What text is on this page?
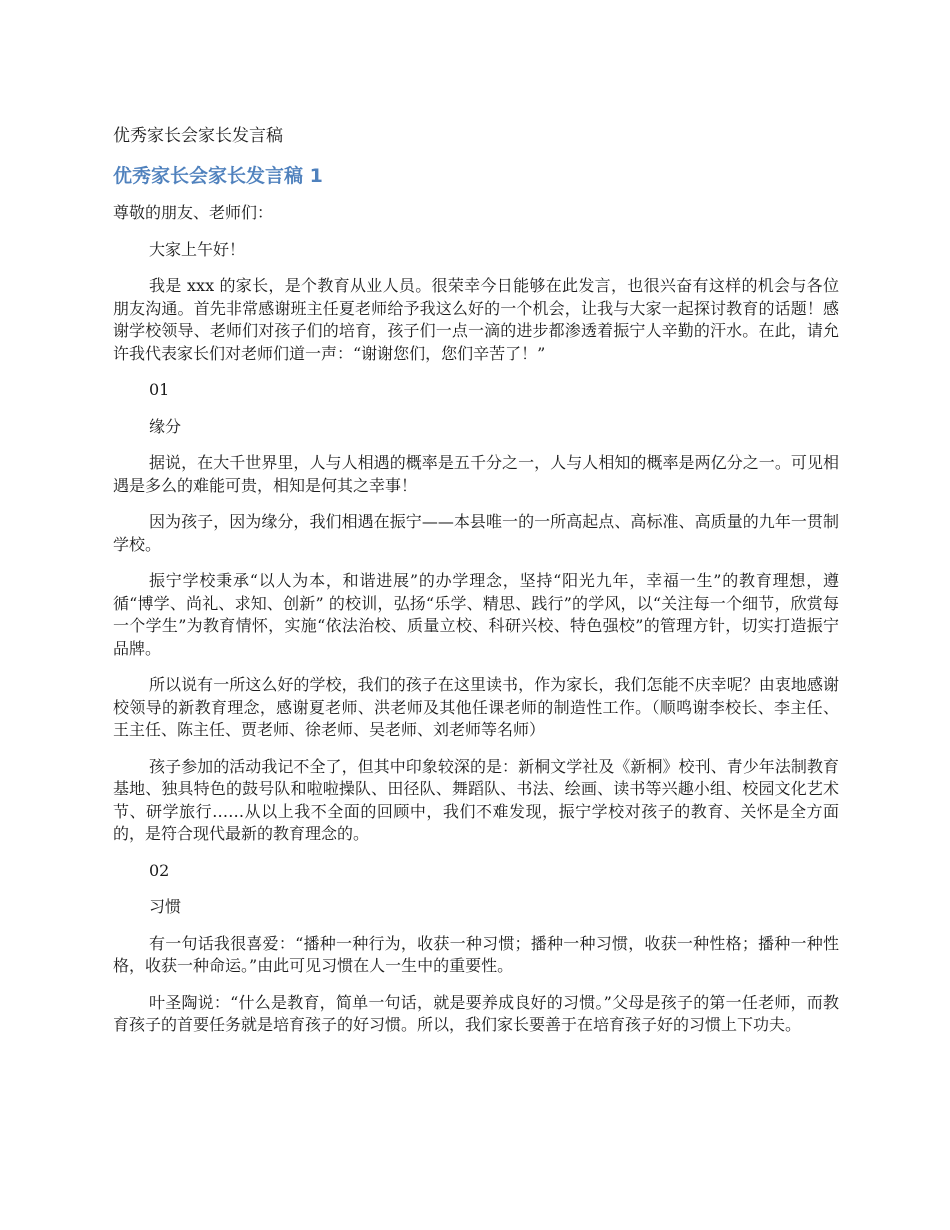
优秀家长会家长发言稿
优秀家长会家长发言稿 1

尊敬的朋友、老师们：

大家上午好！

我是 xxx 的家长，是个教育从业人员。很荣幸今日能够在此发言，也很兴奋有这样的机会与各位朋友沟通。首先非常感谢班主任夏老师给予我这么好的一个机会，让我与大家一起探讨教育的话题！感谢学校领导、老师们对孩子们的培育，孩子们一点一滴的进步都渗透着振宁人辛勤的汗水。在此，请允许我代表家长们对老师们道一声：“谢谢您们，您们辛苦了！”

01

缘分

据说，在大千世界里，人与人相遇的概率是五千分之一，人与人相知的概率是两亿分之一。可见相遇是多么的难能可贵，相知是何其之幸事！

因为孩子，因为缘分，我们相遇在振宁——本县唯一的一所高起点、高标准、高质量的九年一贯制学校。

振宁学校秉承“以人为本，和谐进展”的办学理念，坚持“阳光九年，幸福一生”的教育理想，遵循“博学、尚礼、求知、创新” 的校训，弘扬“乐学、精思、践行”的学风，以“关注每一个细节，欣赏每一个学生”为教育情怀，实施“依法治校、质量立校、科研兴校、特色强校”的管理方针，切实打造振宁品牌。

所以说有一所这么好的学校，我们的孩子在这里读书，作为家长，我们怎能不庆幸呢？由衷地感谢校领导的新教育理念，感谢夏老师、洪老师及其他任课老师的制造性工作。（顺鸣谢李校长、李主任、王主任、陈主任、贾老师、徐老师、吴老师、刘老师等名师）

孩子参加的活动我记不全了，但其中印象较深的是：新桐文学社及《新桐》校刊、青少年法制教育基地、独具特色的鼓号队和啦啦操队、田径队、舞蹈队、书法、绘画、读书等兴趣小组、校园文化艺术节、研学旅行……从以上我不全面的回顾中，我们不难发现，振宁学校对孩子的教育、关怀是全方面的，是符合现代最新的教育理念的。

02

习惯

有一句话我很喜爱：“播种一种行为，收获一种习惯；播种一种习惯，收获一种性格；播种一种性格，收获一种命运。”由此可见习惯在人一生中的重要性。

叶圣陶说：“什么是教育，简单一句话，就是要养成良好的习惯。”父母是孩子的第一任老师，而教育孩子的首要任务就是培育孩子的好习惯。所以，我们家长要善于在培育孩子好的习惯上下功夫。
